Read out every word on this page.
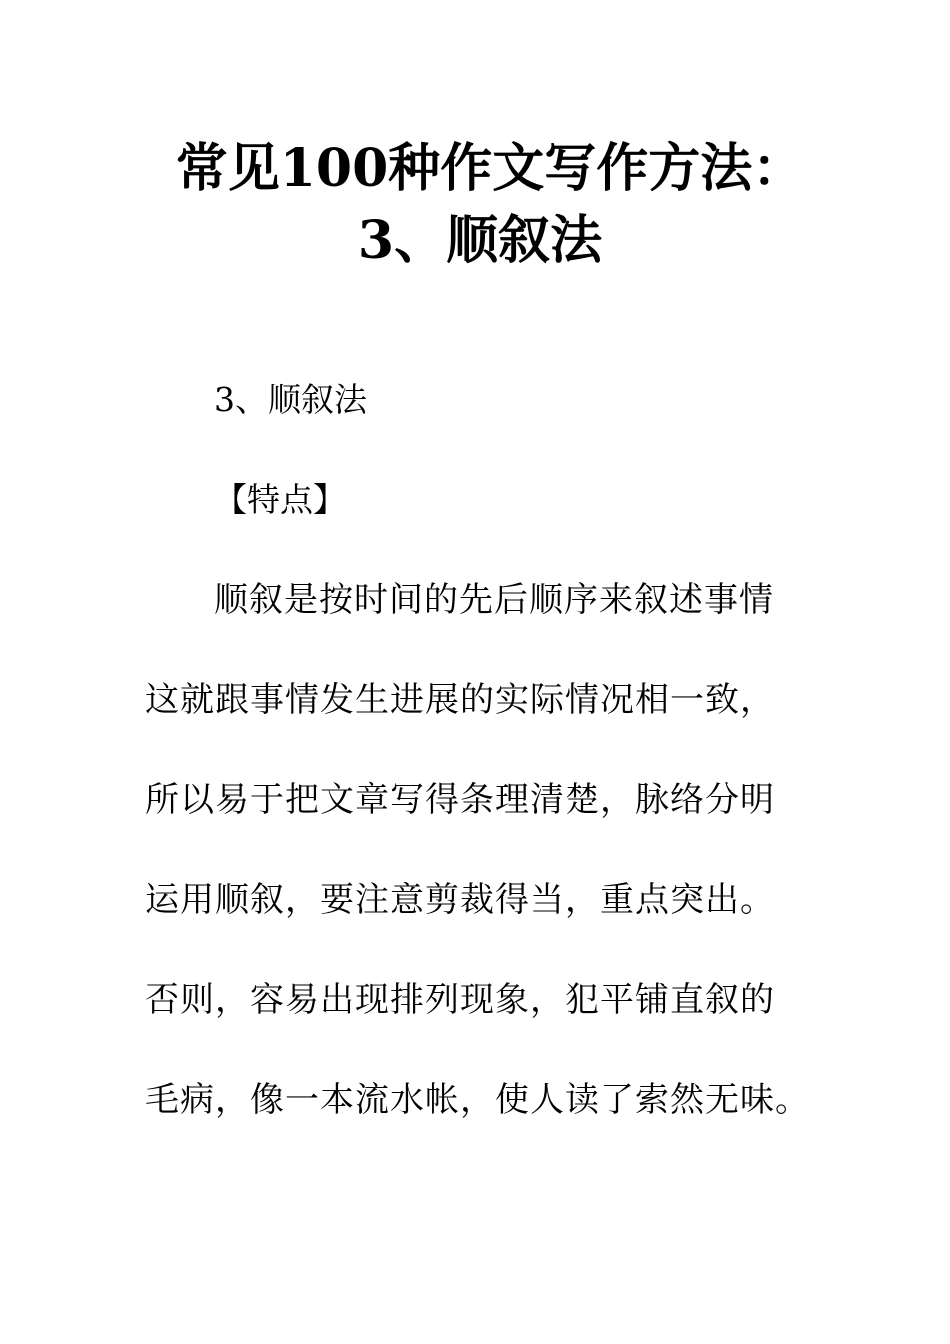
常见100种作文写作方法：
3、顺叙法

3、顺叙法

【特点】

顺叙是按时间的先后顺序来叙述事情

这就跟事情发生进展的实际情况相一致，

所以易于把文章写得条理清楚，脉络分明

运用顺叙，要注意剪裁得当，重点突出。

否则，容易出现排列现象，犯平铺直叙的

毛病，像一本流水帐，使人读了索然无味。
